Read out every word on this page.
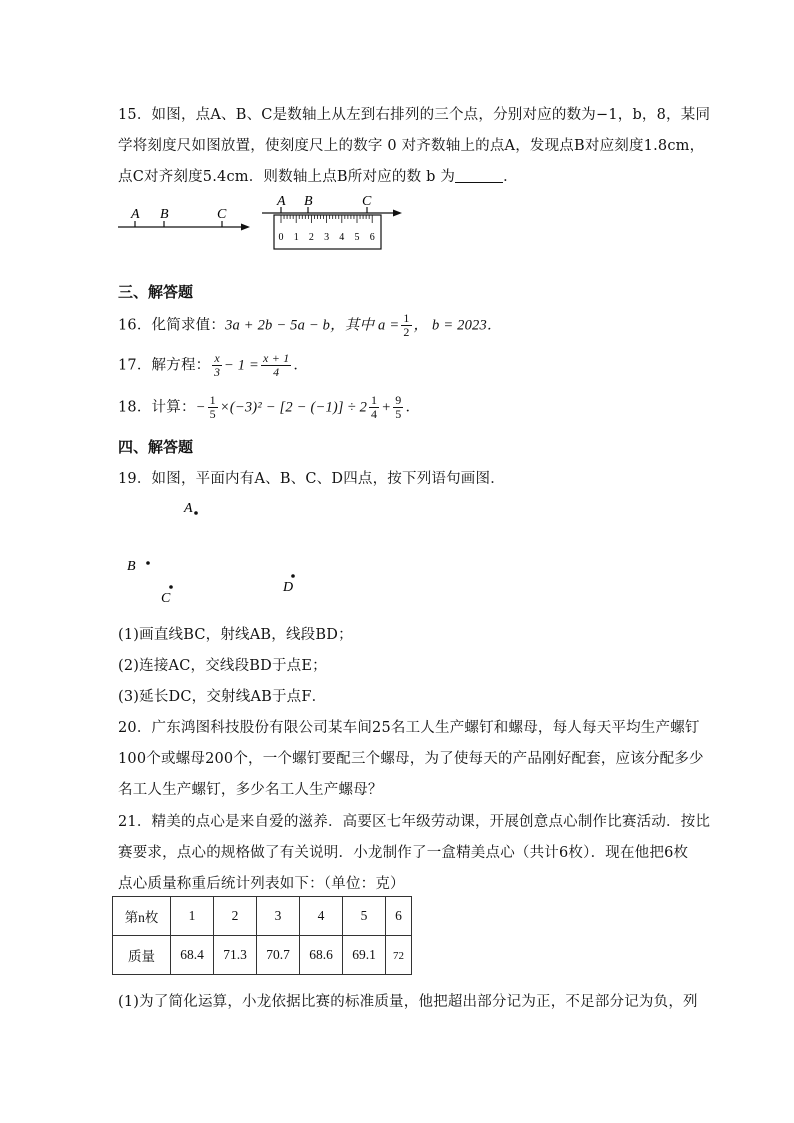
15．如图，点A、B、C是数轴上从左到右排列的三个点，分别对应的数为−1，b，8，某同
学将刻度尺如图放置，使刻度尺上的数字 0 对齐数轴上的点A，发现点B对应刻度1.8cm，
点C对齐刻度5.4cm．则数轴上点B所对应的数 b 为	．
A B	C
A B	C
0 1 2 3 4 5 6
三、解答题
16．化简求值：3a + 2b − 5a − b，其中 $a = \frac{1}{2}$ ， b = 2023．
17．解方程： $\frac{x}{3} - 1 = \frac{x + 1}{4}$ ．
18．计算：− $\frac{1}{5} \times(-3)^2 - [2 - (-1)] \div 2 \frac{1}{4} + \frac{9}{5}$ ．
四、解答题
19．如图，平面内有A、B、C、D四点，按下列语句画图．
A
B
C
D
(1)画直线BC，射线AB，线段BD；
(2)连接AC，交线段BD于点E；
(3)延长DC，交射线AB于点F．
20．广东鸿图科技股份有限公司某车间25名工人生产螺钉和螺母，每人每天平均生产螺钉
100个或螺母200个，一个螺钉要配三个螺母，为了使每天的产品刚好配套，应该分配多少
名工人生产螺钉，多少名工人生产螺母？
21．精美的点心是来自爱的滋养．高要区七年级劳动课，开展创意点心制作比赛活动．按比
赛要求，点心的规格做了有关说明．小龙制作了一盒精美点心（共计6枚）．现在他把6枚
点心质量称重后统计列表如下：（单位：克）
第n枚	1	2	3	4	5	6
质量	68.4	71.3	70.7	68.6	69.1	72
(1)为了简化运算，小龙依据比赛的标准质量，他把超出部分记为正，不足部分记为负，列
